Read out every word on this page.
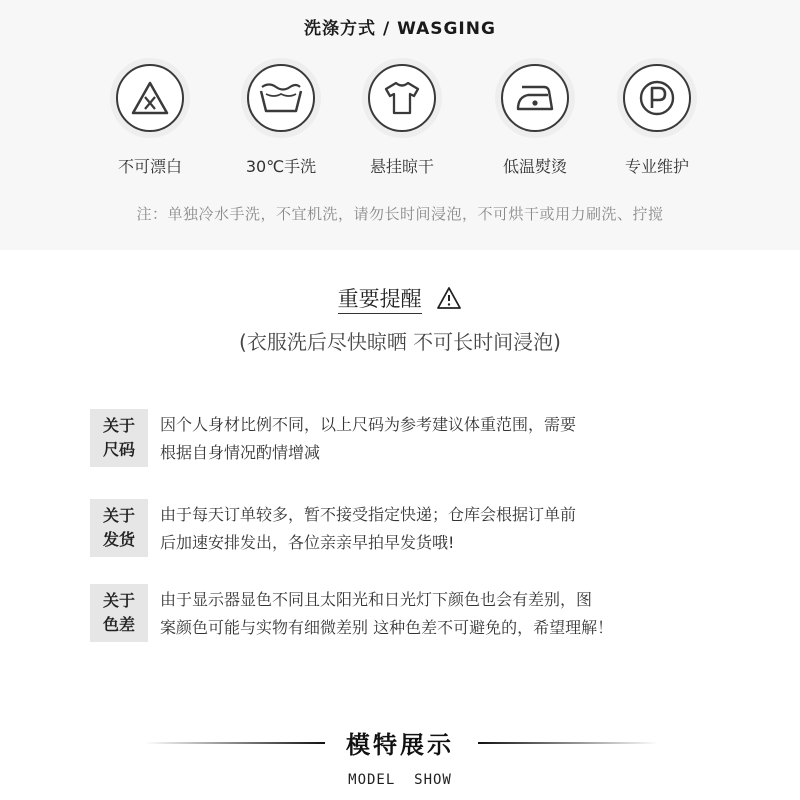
洗涤方式 / WASGING
不可漂白	30℃手洗	悬挂晾干	低温熨烫	专业维护
注：单独冷水手洗，不宜机洗，请勿长时间浸泡，不可烘干或用力刷洗、拧搅
重要提醒
(衣服洗后尽快晾晒 不可长时间浸泡)
关于
尺码
因个人身材比例不同，以上尺码为参考建议体重范围，需要
根据自身情况酌情增减
关于
发货
由于每天订单较多，暂不接受指定快递；仓库会根据订单前
后加速安排发出，各位亲亲早拍早发货哦!
关于
色差
由于显示器显色不同且太阳光和日光灯下颜色也会有差别，图
案颜色可能与实物有细微差别 这种色差不可避免的，希望理解！
模特展示
MODEL  SHOW
